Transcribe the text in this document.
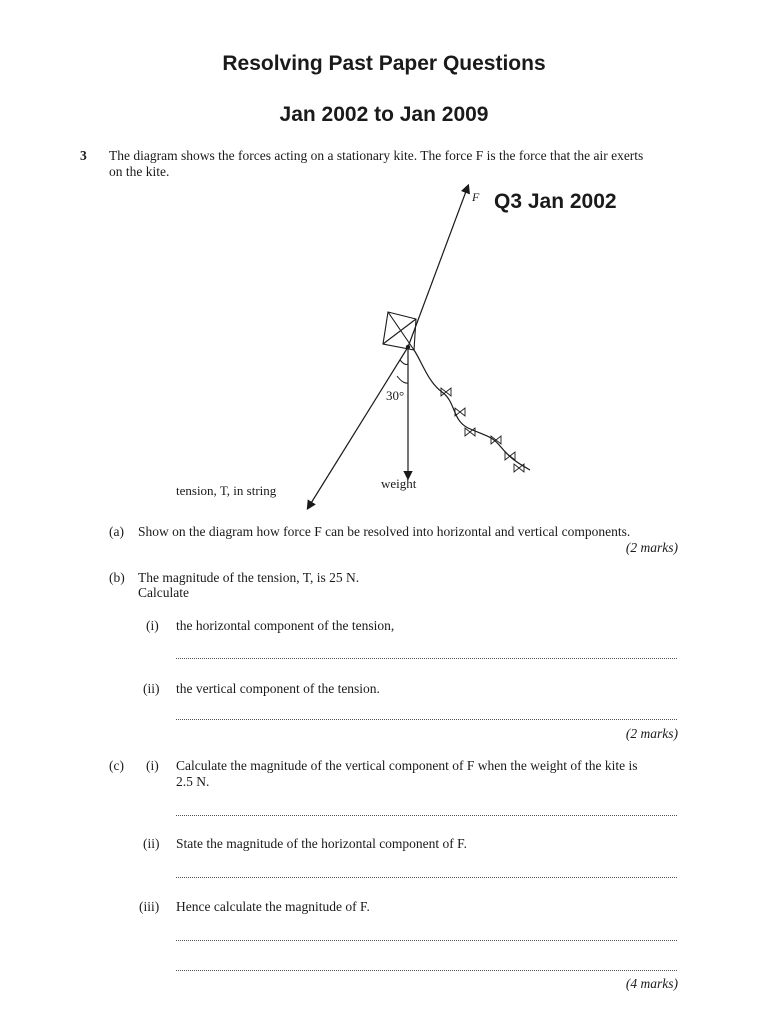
Resolving Past Paper Questions
Jan 2002 to Jan 2009
3 The diagram shows the forces acting on a stationary kite. The force F is the force that the air exerts
on the kite.
F Q3 Jan 2002
30°
weight
tension, T, in string
(a) Show on the diagram how force F can be resolved into horizontal and vertical components.
(2 marks)
(b) The magnitude of the tension, T, is 25 N.
Calculate
(i) the horizontal component of the tension,
(ii) the vertical component of the tension.
(2 marks)
(c) (i) Calculate the magnitude of the vertical component of F when the weight of the kite is
2.5 N.
(ii) State the magnitude of the horizontal component of F.
(iii) Hence calculate the magnitude of F.
(4 marks)
